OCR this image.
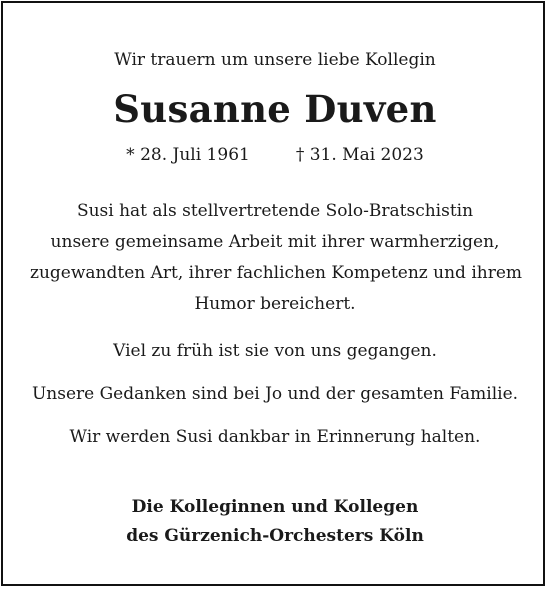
Wir trauern um unsere liebe Kollegin
Susanne Duven
* 28. Juli 1961	† 31. Mai 2023
Susi hat als stellvertretende Solo-Bratschistin
unsere gemeinsame Arbeit mit ihrer warmherzigen,
zugewandten Art, ihrer fachlichen Kompetenz und ihrem
Humor bereichert.
Viel zu früh ist sie von uns gegangen.
Unsere Gedanken sind bei Jo und der gesamten Familie.
Wir werden Susi dankbar in Erinnerung halten.
Die Kolleginnen und Kollegen
des Gürzenich-Orchesters Köln
